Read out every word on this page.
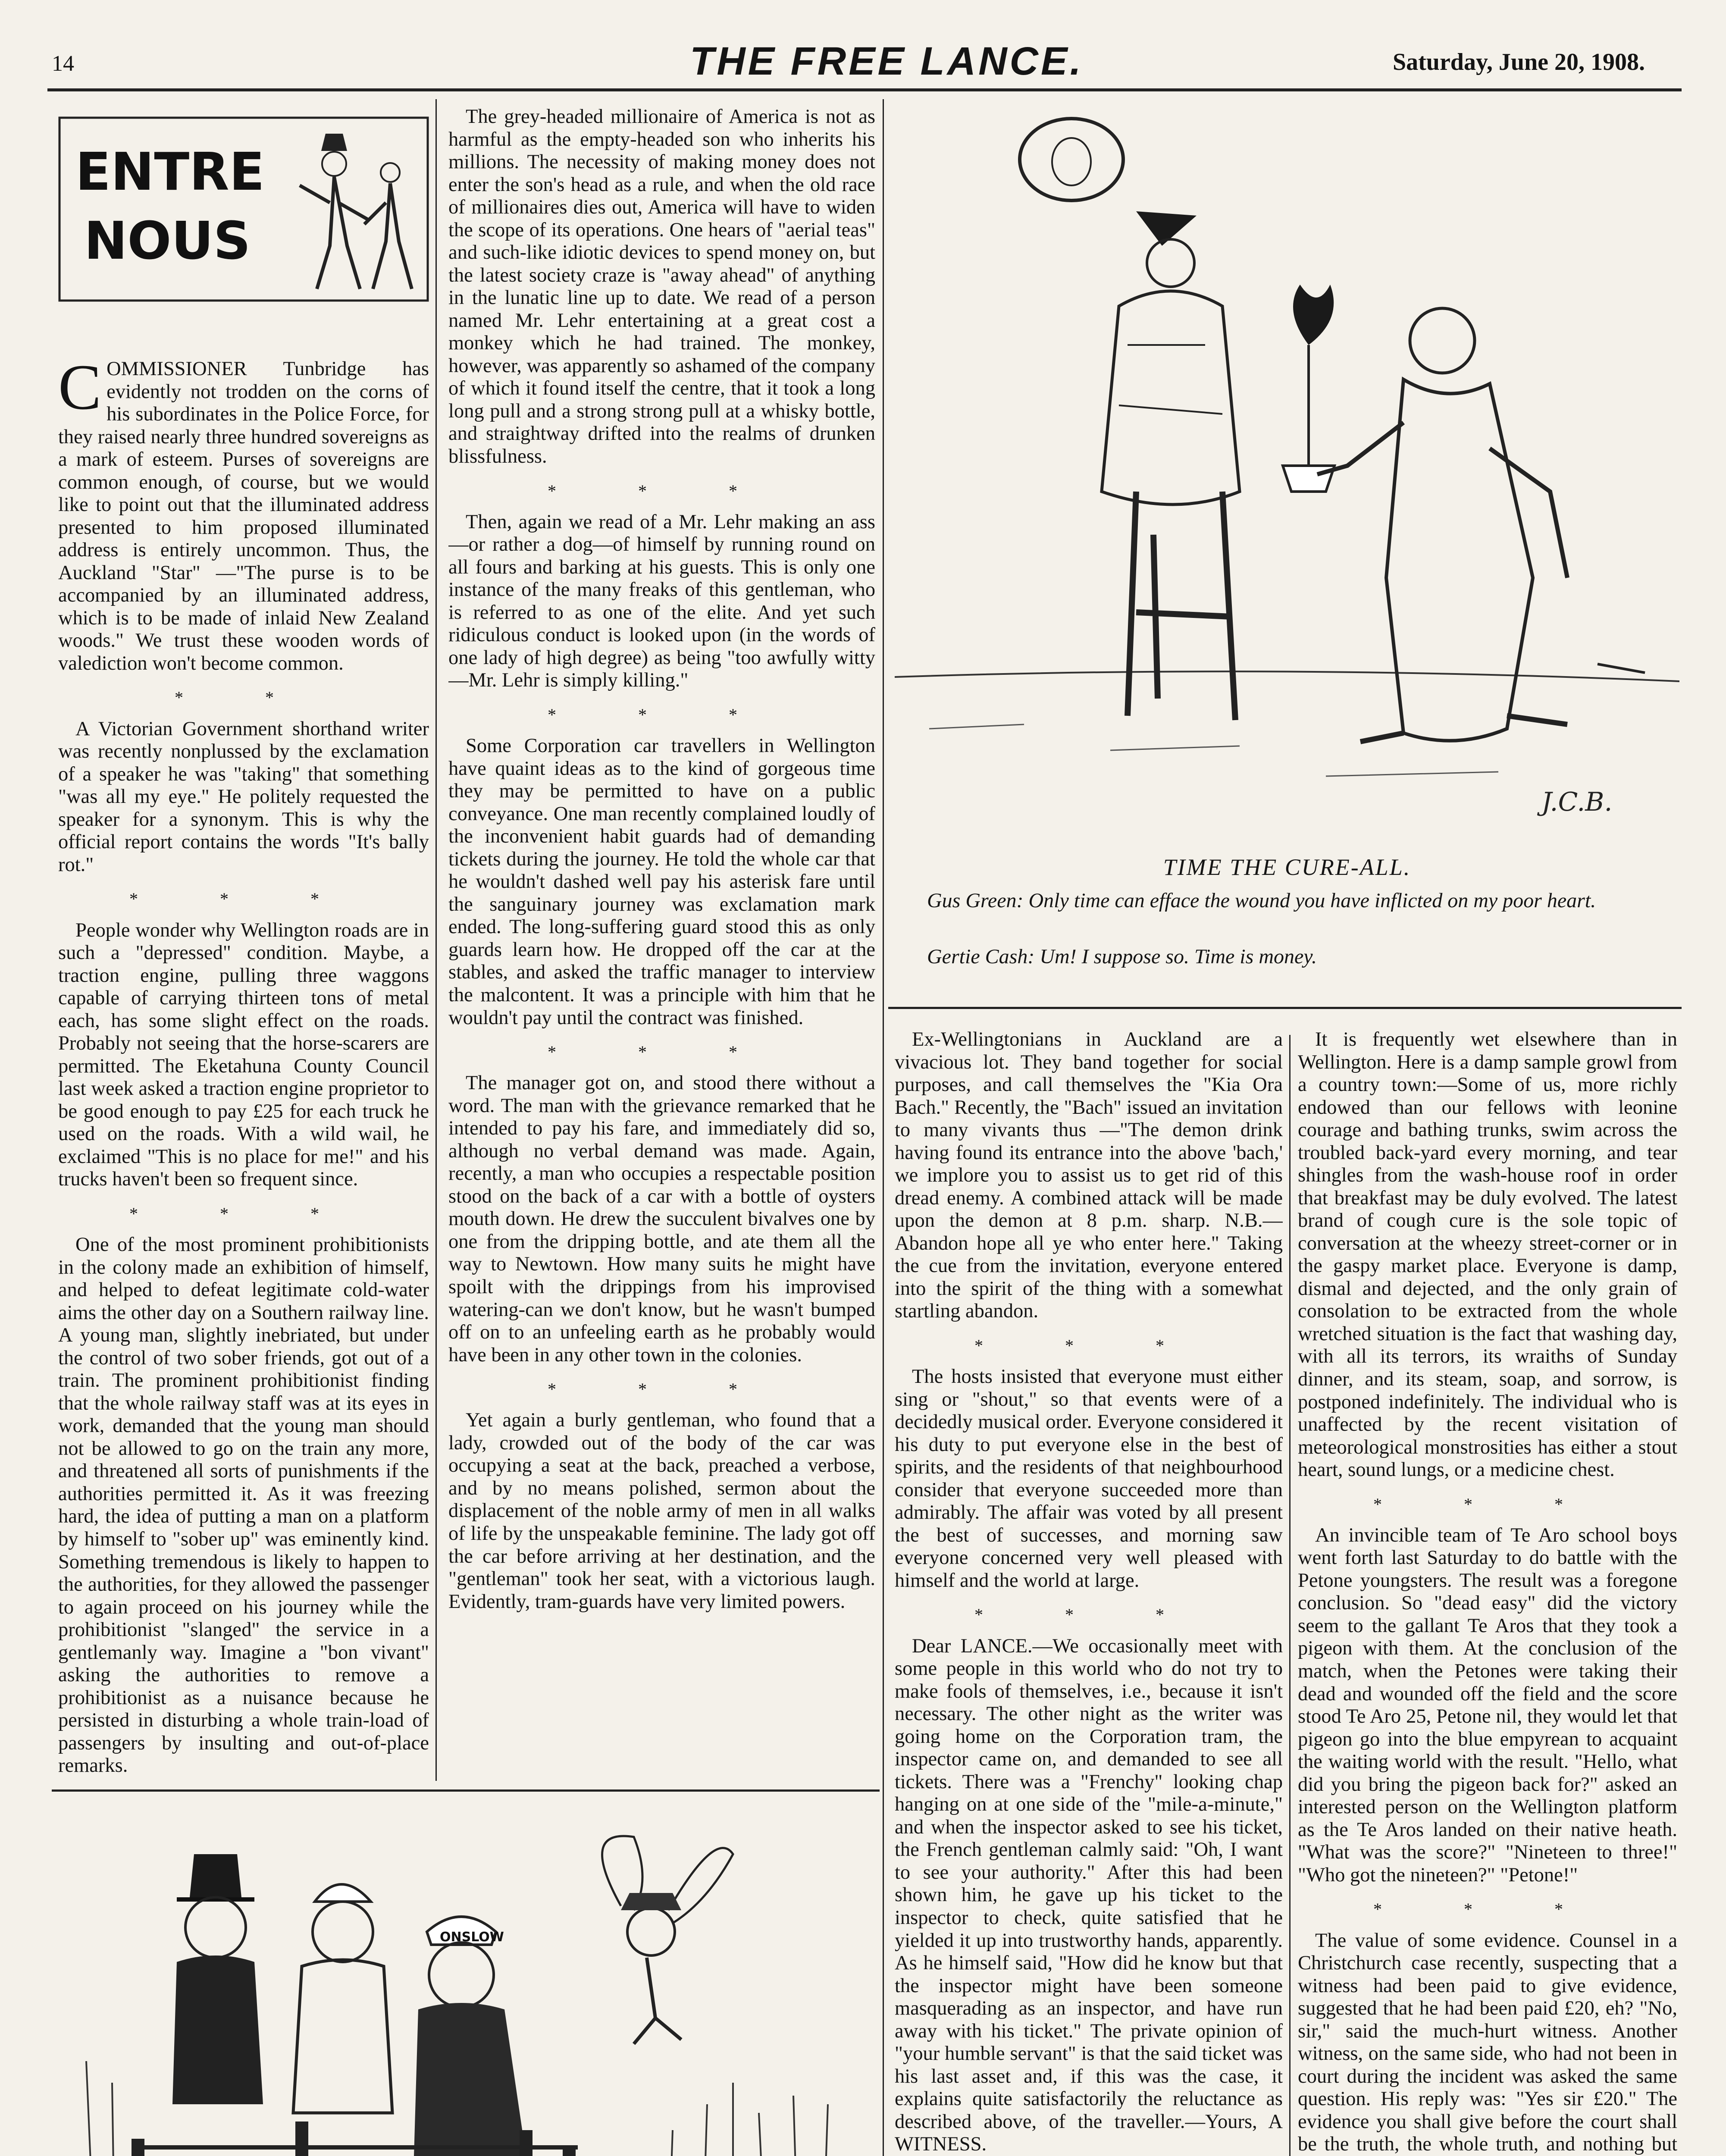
14	THE FREE LANCE.	Saturday, June 20, 1908.
ENTRE
NOUS

COMMISSIONER Tunbridge has evidently not trodden on the corns of his subordinates in the Police Force, for they raised nearly three hundred sovereigns as a mark of esteem. Purses of sovereigns are common enough, of course, but we would like to point out that the illuminated address presented to him proposed illuminated address is entirely uncommon. Thus, the Auckland "Star" —"The purse is to be accompanied by an illuminated address, which is to be made of inlaid New Zealand woods." We trust these wooden words of valediction won't become common.

* *

A Victorian Government shorthand writer was recently nonplussed by the exclamation of a speaker he was "taking" that something "was all my eye." He politely requested the speaker for a synonym. This is why the official report contains the words "It's bally rot."

* * *

People wonder why Wellington roads are in such a "depressed" condition. Maybe, a traction engine, pulling three waggons capable of carrying thirteen tons of metal each, has some slight effect on the roads. Probably not seeing that the horse-scarers are permitted. The Eketahuna County Council last week asked a traction engine proprietor to be good enough to pay £25 for each truck he used on the roads. With a wild wail, he exclaimed "This is no place for me!" and his trucks haven't been so frequent since.

* * *

One of the most prominent prohibitionists in the colony made an exhibition of himself, and helped to defeat legitimate cold-water aims the other day on a Southern railway line. A young man, slightly inebriated, but under the control of two sober friends, got out of a train. The prominent prohibitionist finding that the whole railway staff was at its eyes in work, demanded that the young man should not be allowed to go on the train any more, and threatened all sorts of punishments if the authorities permitted it. As it was freezing hard, the idea of putting a man on a platform by himself to "sober up" was eminently kind. Something tremendous is likely to happen to the authorities, for they allowed the passenger to again proceed on his journey while the prohibitionist "slanged" the service in a gentlemanly way. Imagine a "bon vivant" asking the authorities to remove a prohibitionist as a nuisance because he persisted in disturbing a whole train-load of passengers by insulting and out-of-place remarks.

The grey-headed millionaire of America is not as harmful as the empty-headed son who inherits his millions. The necessity of making money does not enter the son's head as a rule, and when the old race of millionaires dies out, America will have to widen the scope of its operations. One hears of "aerial teas" and such-like idiotic devices to spend money on, but the latest society craze is "away ahead" of anything in the lunatic line up to date. We read of a person named Mr. Lehr entertaining at a great cost a monkey which he had trained. The monkey, however, was apparently so ashamed of the company of which it found itself the centre, that it took a long long pull and a strong strong pull at a whisky bottle, and straightway drifted into the realms of drunken blissfulness.

* * *

Then, again we read of a Mr. Lehr making an ass—or rather a dog—of himself by running round on all fours and barking at his guests. This is only one instance of the many freaks of this gentleman, who is referred to as one of the elite. And yet such ridiculous conduct is looked upon (in the words of one lady of high degree) as being "too awfully witty—Mr. Lehr is simply killing."

* * *

Some Corporation car travellers in Wellington have quaint ideas as to the kind of gorgeous time they may be permitted to have on a public conveyance. One man recently complained loudly of the inconvenient habit guards had of demanding tickets during the journey. He told the whole car that he wouldn't dashed well pay his asterisk fare until the sanguinary journey was exclamation mark ended. The long-suffering guard stood this as only guards learn how. He dropped off the car at the stables, and asked the traffic manager to interview the malcontent. It was a principle with him that he wouldn't pay until the contract was finished.

* * *

The manager got on, and stood there without a word. The man with the grievance remarked that he intended to pay his fare, and immediately did so, although no verbal demand was made. Again, recently, a man who occupies a respectable position stood on the back of a car with a bottle of oysters mouth down. He drew the succulent bivalves one by one from the dripping bottle, and ate them all the way to Newtown. How many suits he might have spoilt with the drippings from his improvised watering-can we don't know, but he wasn't bumped off on to an unfeeling earth as he probably would have been in any other town in the colonies.

* * *

Yet again a burly gentleman, who found that a lady, crowded out of the body of the car was occupying a seat at the back, preached a verbose, and by no means polished, sermon about the displacement of the noble army of men in all walks of life by the unspeakable feminine. The lady got off the car before arriving at her destination, and the "gentleman" took her seat, with a victorious laugh. Evidently, tram-guards have very limited powers.

J.C.B.
TIME THE CURE-ALL.
Gus Green: Only time can efface the wound you have inflicted on my poor heart.
Gertie Cash: Um! I suppose so. Time is money.

Ex-Wellingtonians in Auckland are a vivacious lot. They band together for social purposes, and call themselves the "Kia Ora Bach." Recently, the "Bach" issued an invitation to many vivants thus —"The demon drink having found its entrance into the above 'bach,' we implore you to assist us to get rid of this dread enemy. A combined attack will be made upon the demon at 8 p.m. sharp. N.B.—Abandon hope all ye who enter here." Taking the cue from the invitation, everyone entered into the spirit of the thing with a somewhat startling abandon.

* * *

The hosts insisted that everyone must either sing or "shout," so that events were of a decidedly musical order. Everyone considered it his duty to put everyone else in the best of spirits, and the residents of that neighbourhood consider that everyone succeeded more than admirably. The affair was voted by all present the best of successes, and morning saw everyone concerned very well pleased with himself and the world at large.

* * *

Dear LANCE.—We occasionally meet with some people in this world who do not try to make fools of themselves, i.e., because it isn't necessary. The other night as the writer was going home on the Corporation tram, the inspector came on, and demanded to see all tickets. There was a "Frenchy" looking chap hanging on at one side of the "mile-a-minute," and when the inspector asked to see his ticket, the French gentleman calmly said: "Oh, I want to see your authority." After this had been shown him, he gave up his ticket to the inspector to check, quite satisfied that he yielded it up into trustworthy hands, apparently. As he himself said, "How did he know but that the inspector might have been someone masquerading as an inspector, and have run away with his ticket." The private opinion of "your humble servant" is that the said ticket was his last asset and, if this was the case, it explains quite satisfactorily the reluctance as described above, of the traveller.—Yours, A WITNESS.

It is frequently wet elsewhere than in Wellington. Here is a damp sample growl from a country town:—Some of us, more richly endowed than our fellows with leonine courage and bathing trunks, swim across the troubled back-yard every morning, and tear shingles from the wash-house roof in order that breakfast may be duly evolved. The latest brand of cough cure is the sole topic of conversation at the wheezy street-corner or in the gaspy market place. Everyone is damp, dismal and dejected, and the only grain of consolation to be extracted from the whole wretched situation is the fact that washing day, with all its terrors, its wraiths of Sunday dinner, and its steam, soap, and sorrow, is postponed indefinitely. The individual who is unaffected by the recent visitation of meteorological monstrosities has either a stout heart, sound lungs, or a medicine chest.

* * *

An invincible team of Te Aro school boys went forth last Saturday to do battle with the Petone youngsters. The result was a foregone conclusion. So "dead easy" did the victory seem to the gallant Te Aros that they took a pigeon with them. At the conclusion of the match, when the Petones were taking their dead and wounded off the field and the score stood Te Aro 25, Petone nil, they would let that pigeon go into the blue empyrean to acquaint the waiting world with the result. "Hello, what did you bring the pigeon back for?" asked an interested person on the Wellington platform as the Te Aros landed on their native heath. "What was the score?" "Nineteen to three!" "Who got the nineteen?" "Petone!"

* * *

The value of some evidence. Counsel in a Christchurch case recently, suspecting that a witness had been paid to give evidence, suggested that he had been paid £20, eh? "No, sir," said the much-hurt witness. Another witness, on the same side, who had not been in court during the incident was asked the same question. His reply was: "Yes sir £20." The evidence you shall give before the court shall be the truth, the whole truth, and nothing but

ONSLOW
